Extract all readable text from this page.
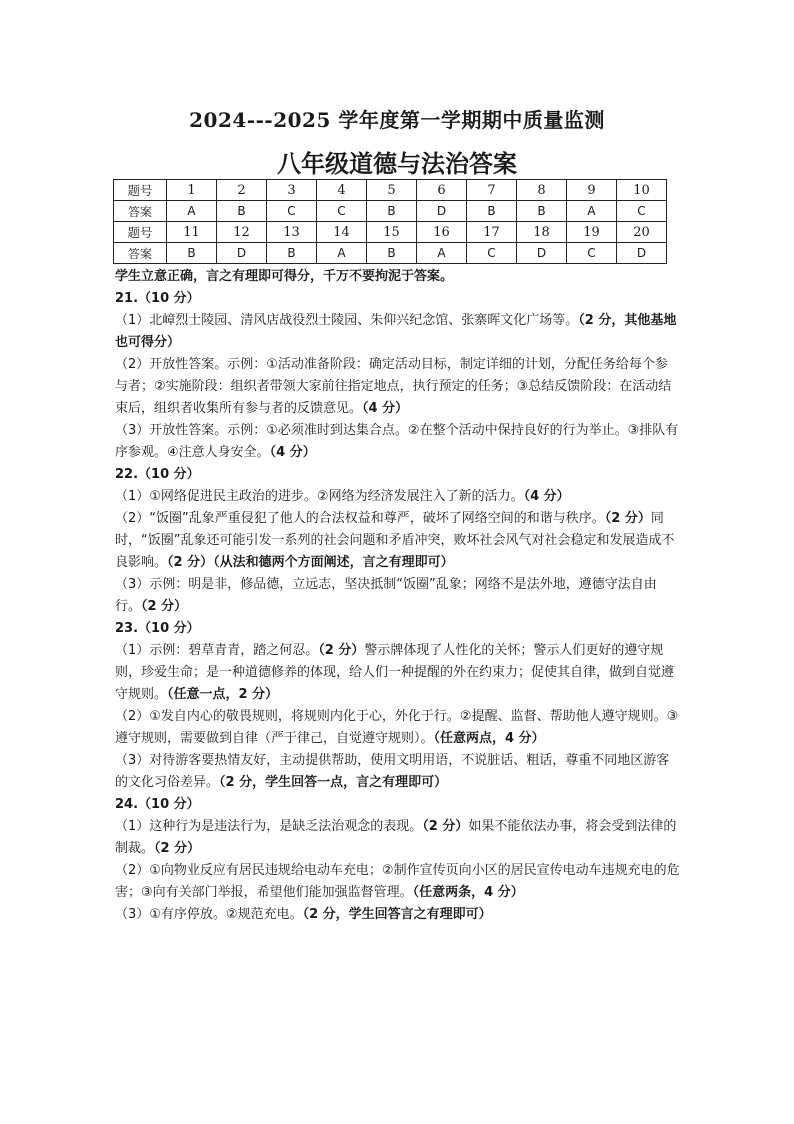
2024---2025 学年度第一学期期中质量监测
八年级道德与法治答案
题号	1	2	3	4	5	6	7	8	9	10
答案	A	B	C	C	B	D	B	B	A	C
题号	11	12	13	14	15	16	17	18	19	20
答案	B	D	B	A	B	A	C	D	C	D

学生立意正确，言之有理即可得分，千万不要拘泥于答案。

21.（10 分）

（1）北嶂烈士陵园、清风店战役烈士陵园、朱仰兴纪念馆、张寨晖文化广场等。（2 分，其他基地也可得分）

（2）开放性答案。示例：①活动准备阶段：确定活动目标，制定详细的计划，分配任务给每个参与者；②实施阶段：组织者带领大家前往指定地点，执行预定的任务；③总结反馈阶段：在活动结束后，组织者收集所有参与者的反馈意见。（4 分）

（3）开放性答案。示例：①必须准时到达集合点。②在整个活动中保持良好的行为举止。③排队有序参观。④注意人身安全。（4 分）

22.（10 分）

（1）①网络促进民主政治的进步。②网络为经济发展注入了新的活力。（4 分）

（2）“饭圈”乱象严重侵犯了他人的合法权益和尊严，破坏了网络空间的和谐与秩序。（2 分）同时，“饭圈”乱象还可能引发一系列的社会问题和矛盾冲突，败坏社会风气对社会稳定和发展造成不良影响。（2 分）（从法和德两个方面阐述，言之有理即可）

（3）示例：明是非，修品德，立远志，坚决抵制“饭圈”乱象；网络不是法外地，遵德守法自由行。（2 分）

23.（10 分）

（1）示例：碧草青青，踏之何忍。（2 分）警示牌体现了人性化的关怀；警示人们更好的遵守规则，珍爱生命；是一种道德修养的体现，给人们一种提醒的外在约束力；促使其自律，做到自觉遵守规则。（任意一点，2 分）

（2）①发自内心的敬畏规则，将规则内化于心，外化于行。②提醒、监督、帮助他人遵守规则。③遵守规则，需要做到自律（严于律己，自觉遵守规则）。（任意两点，4 分）

（3）对待游客要热情友好，主动提供帮助，使用文明用语，不说脏话、粗话，尊重不同地区游客的文化习俗差异。（2 分，学生回答一点，言之有理即可）

24.（10 分）

（1）这种行为是违法行为，是缺乏法治观念的表现。（2 分）如果不能依法办事，将会受到法律的制裁。（2 分）

（2）①向物业反应有居民违规给电动车充电；②制作宣传页向小区的居民宣传电动车违规充电的危害；③向有关部门举报，希望他们能加强监督管理。（任意两条，4 分）

（3）①有序停放。②规范充电。（2 分，学生回答言之有理即可）
